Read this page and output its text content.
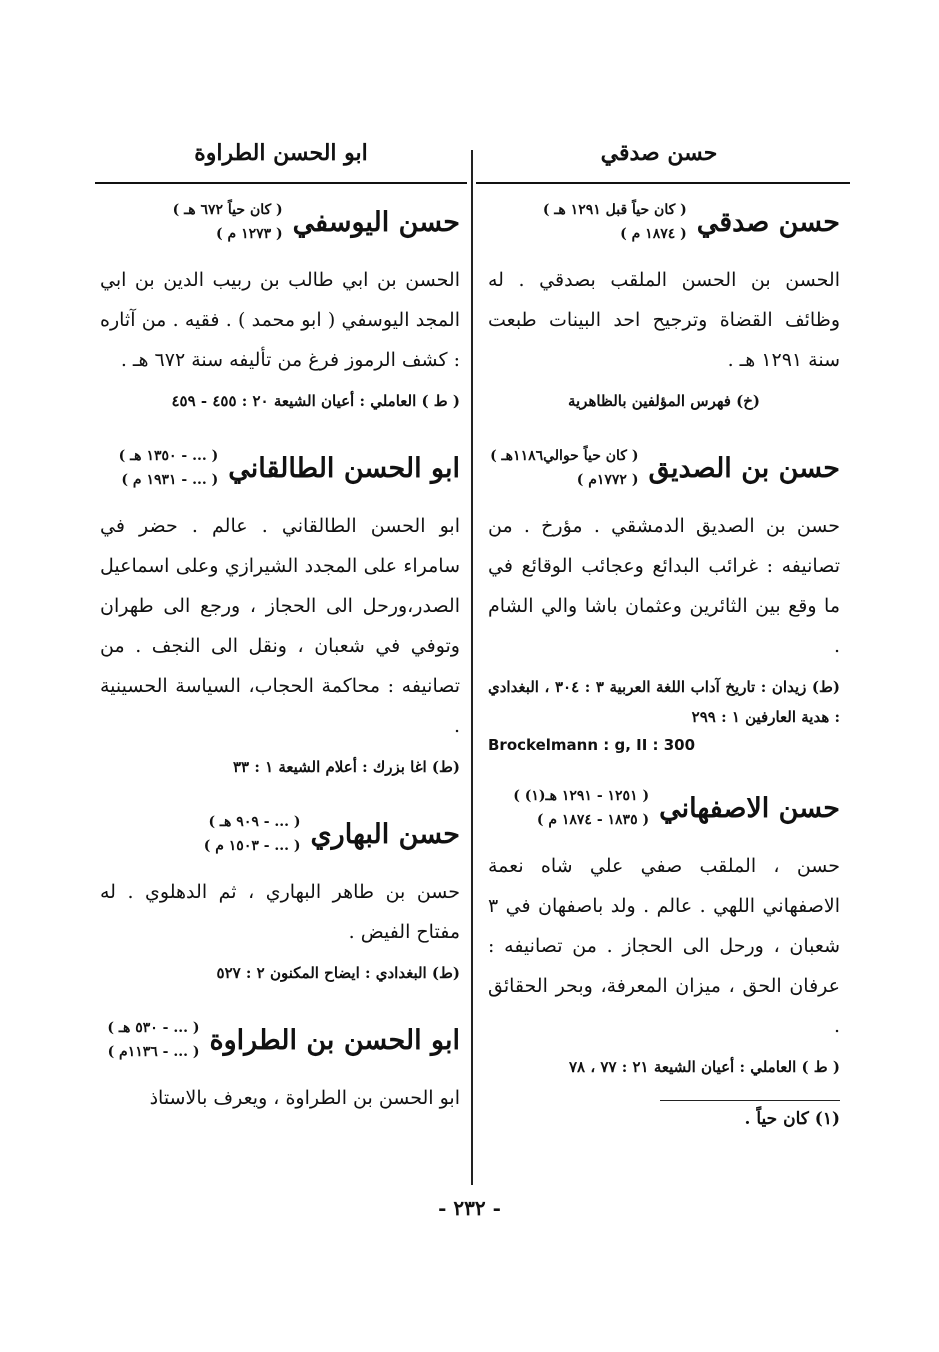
حسن صدقي
ابو الحسن الطراوة
حسن صدقي
( كان حياً قبل ١٢٩١ هـ )
( ١٨٧٤ م )

الحسن بن الحسن الملقب بصدقي . له وظائف القضاة وترجيح احد البينات طبعت سنة ١٢٩١ هـ .

(خ) فهرس المؤلفين بالظاهرية

حسن بن الصديق
( كان حياً حوالي١١٨٦هـ )
( ١٧٧٢م )

حسن بن الصديق الدمشقي . مؤرخ . من تصانيفه : غرائب البدائع وعجائب الوقائع في ما وقع بين الثائرين وعثمان باشا والي الشام .

(ط) زيدان : تاريخ آداب اللغة العربية ٣ : ٣٠٤ ، البغدادي : هدية العارفين ١ : ٢٩٩

Brockelmann : g, II : 300
حسن الاصفهاني
( ١٢٥١ - ١٢٩١ هـ(١) )
( ١٨٣٥ - ١٨٧٤ م )

حسن ، الملقب صفي علي شاه نعمة الاصفهاني اللهي . عالم . ولد باصفهان في ٣ شعبان ، ورحل الى الحجاز . من تصانيفه : عرفان الحق ، ميزان المعرفة، وبحر الحقائق .

( ط ) العاملي : أعيان الشيعة ٢١ : ٧٧ ، ٧٨

(١) كان حياً .
حسن اليوسفي
( كان حياً ٦٧٢ هـ )
( ١٢٧٣ م )

الحسن بن ابي طالب بن ربيب الدين بن ابي المجد اليوسفي ( ابو محمد ) . فقيه . من آثاره : كشف الرموز فرغ من تأليفه سنة ٦٧٢ هـ .

( ط ) العاملي : أعيان الشيعة ٢٠ : ٤٥٥ - ٤٥٩

ابو الحسن الطالقاني
( ... - ١٣٥٠ هـ )
( ... - ١٩٣١ م )

ابو الحسن الطالقاني . عالم . حضر في سامراء على المجدد الشيرازي وعلى اسماعيل الصدر،ورحل الى الحجاز ، ورجع الى طهران وتوفي في شعبان ، ونقل الى النجف . من تصانيفه : محاكمة الحجاب، السياسة الحسينية .

(ط) اغا بزرك : أعلام الشيعة ١ : ٣٣

حسن البهاري
( ... - ٩٠٩ هـ )
( ... - ١٥٠٣ م )

حسن بن طاهر البهاري ، ثم الدهلوي . له مفتاح الفيض .

(ط) البغدادي : ايضاح المكنون ٢ : ٥٢٧

ابو الحسن بن الطراوة
( ... - ٥٣٠ هـ )
( ... - ١١٣٦م )

ابو الحسن بن الطراوة ، ويعرف بالاستاذ

- ٢٣٢ -
